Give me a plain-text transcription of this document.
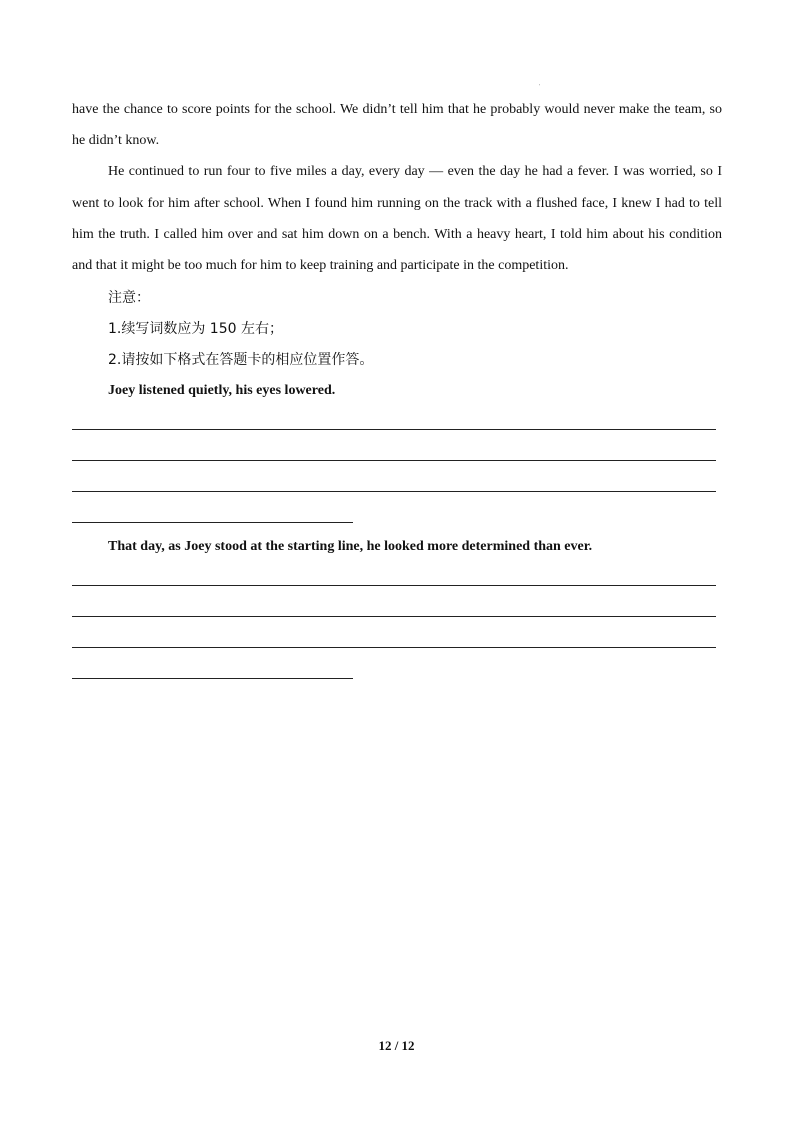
'
have the chance to score points for the school. We didn’t tell him that he probably would never make the team, so
he didn’t know.
He continued to run four to five miles a day, every day — even the day he had a fever. I was worried, so I
went to look for him after school. When I found him running on the track with a flushed face, I knew I had to tell
him the truth. I called him over and sat him down on a bench. With a heavy heart, I told him about his condition
and that it might be too much for him to keep training and participate in the competition.
注意：
1.续写词数应为 150 左右；
2.请按如下格式在答题卡的相应位置作答。
Joey listened quietly, his eyes lowered.
That day, as Joey stood at the starting line, he looked more determined than ever.
12 / 12
